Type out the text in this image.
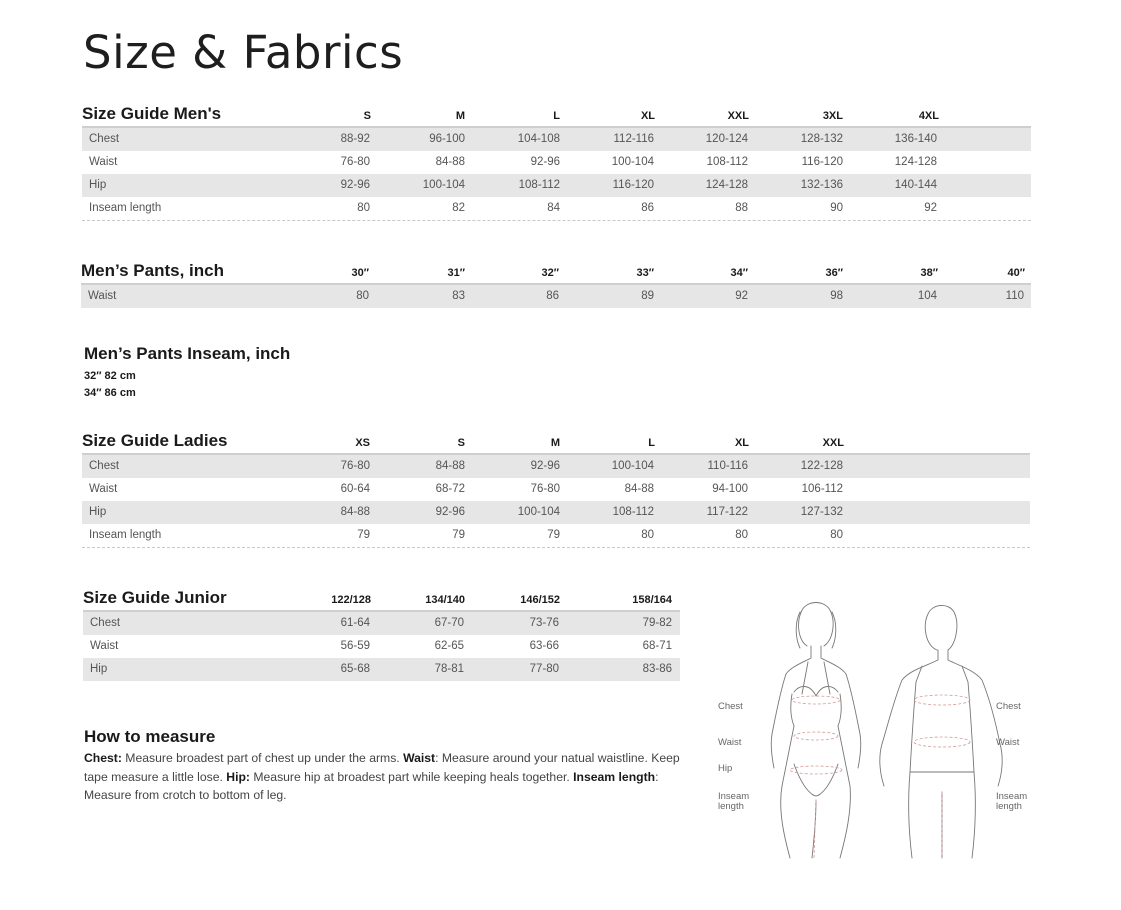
Size & Fabrics
Size Guide Men's	S	M	L	XL	XXL	3XL	4XL
Chest	88-92	96-100	104-108	112-116	120-124	128-132	136-140
Waist	76-80	84-88	92-96	100-104	108-112	116-120	124-128
Hip	92-96	100-104	108-112	116-120	124-128	132-136	140-144
Inseam length	80	82	84	86	88	90	92
Men’s Pants, inch	30″	31″	32″	33″	34″	36″	38″	40″
Waist	80	83	86	89	92	98	104	110
Men’s Pants Inseam, inch
32″ 82 cm
34″ 86 cm
Size Guide Ladies	XS	S	M	L	XL	XXL
Chest	76-80	84-88	92-96	100-104	110-116	122-128
Waist	60-64	68-72	76-80	84-88	94-100	106-112
Hip	84-88	92-96	100-104	108-112	117-122	127-132
Inseam length	79	79	79	80	80	80
Size Guide Junior	122/128	134/140	146/152	158/164
Chest	61-64	67-70	73-76	79-82
Waist	56-59	62-65	63-66	68-71
Hip	65-68	78-81	77-80	83-86
How to measure
Chest: Measure broadest part of chest up under the arms. Waist: Measure around your natual waistline. Keep tape measure a little lose. Hip: Measure hip at broadest part while keeping heals together. Inseam length: Measure from crotch to bottom of leg.
Chest
Waist
Hip
Inseam
length
Chest
Waist
Inseam
length
